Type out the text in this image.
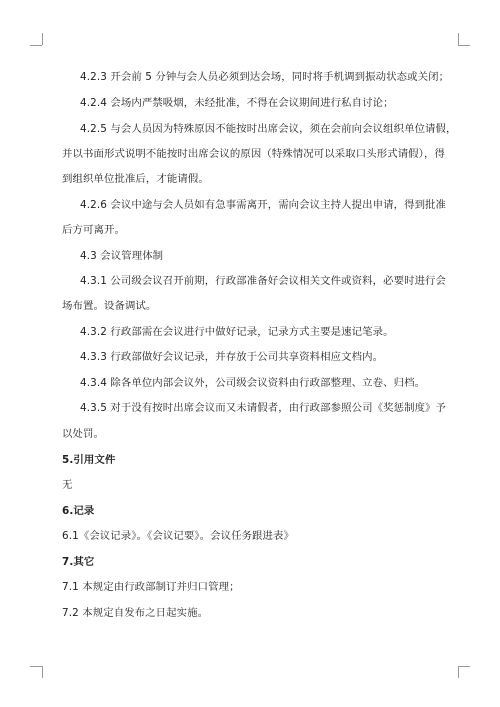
4.2.3 开会前 5 分钟与会人员必须到达会场，同时将手机调到振动状态或关闭；
4.2.4 会场内严禁吸烟，未经批准，不得在会议期间进行私自讨论；
4.2.5 与会人员因为特殊原因不能按时出席会议，须在会前向会议组织单位请假，
并以书面形式说明不能按时出席会议的原因（特殊情况可以采取口头形式请假），得
到组织单位批准后，才能请假。
4.2.6 会议中途与会人员如有急事需离开，需向会议主持人提出申请，得到批准
后方可离开。
4.3 会议管理体制
4.3.1 公司级会议召开前期，行政部准备好会议相关文件或资料，必要时进行会
场布置。设备调试。
4.3.2 行政部需在会议进行中做好记录，记录方式主要是速记笔录。
4.3.3 行政部做好会议记录，并存放于公司共享资料相应文档内。
4.3.4 除各单位内部会议外，公司级会议资料由行政部整理、立卷、归档。
4.3.5 对于没有按时出席会议而又未请假者，由行政部参照公司《奖惩制度》予
以处罚。
5.引用文件
无
6.记录
6.1《会议记录》。《会议记要》。会议任务跟进表》
7.其它
7.1 本规定由行政部制订并归口管理；
7.2 本规定自发布之日起实施。
